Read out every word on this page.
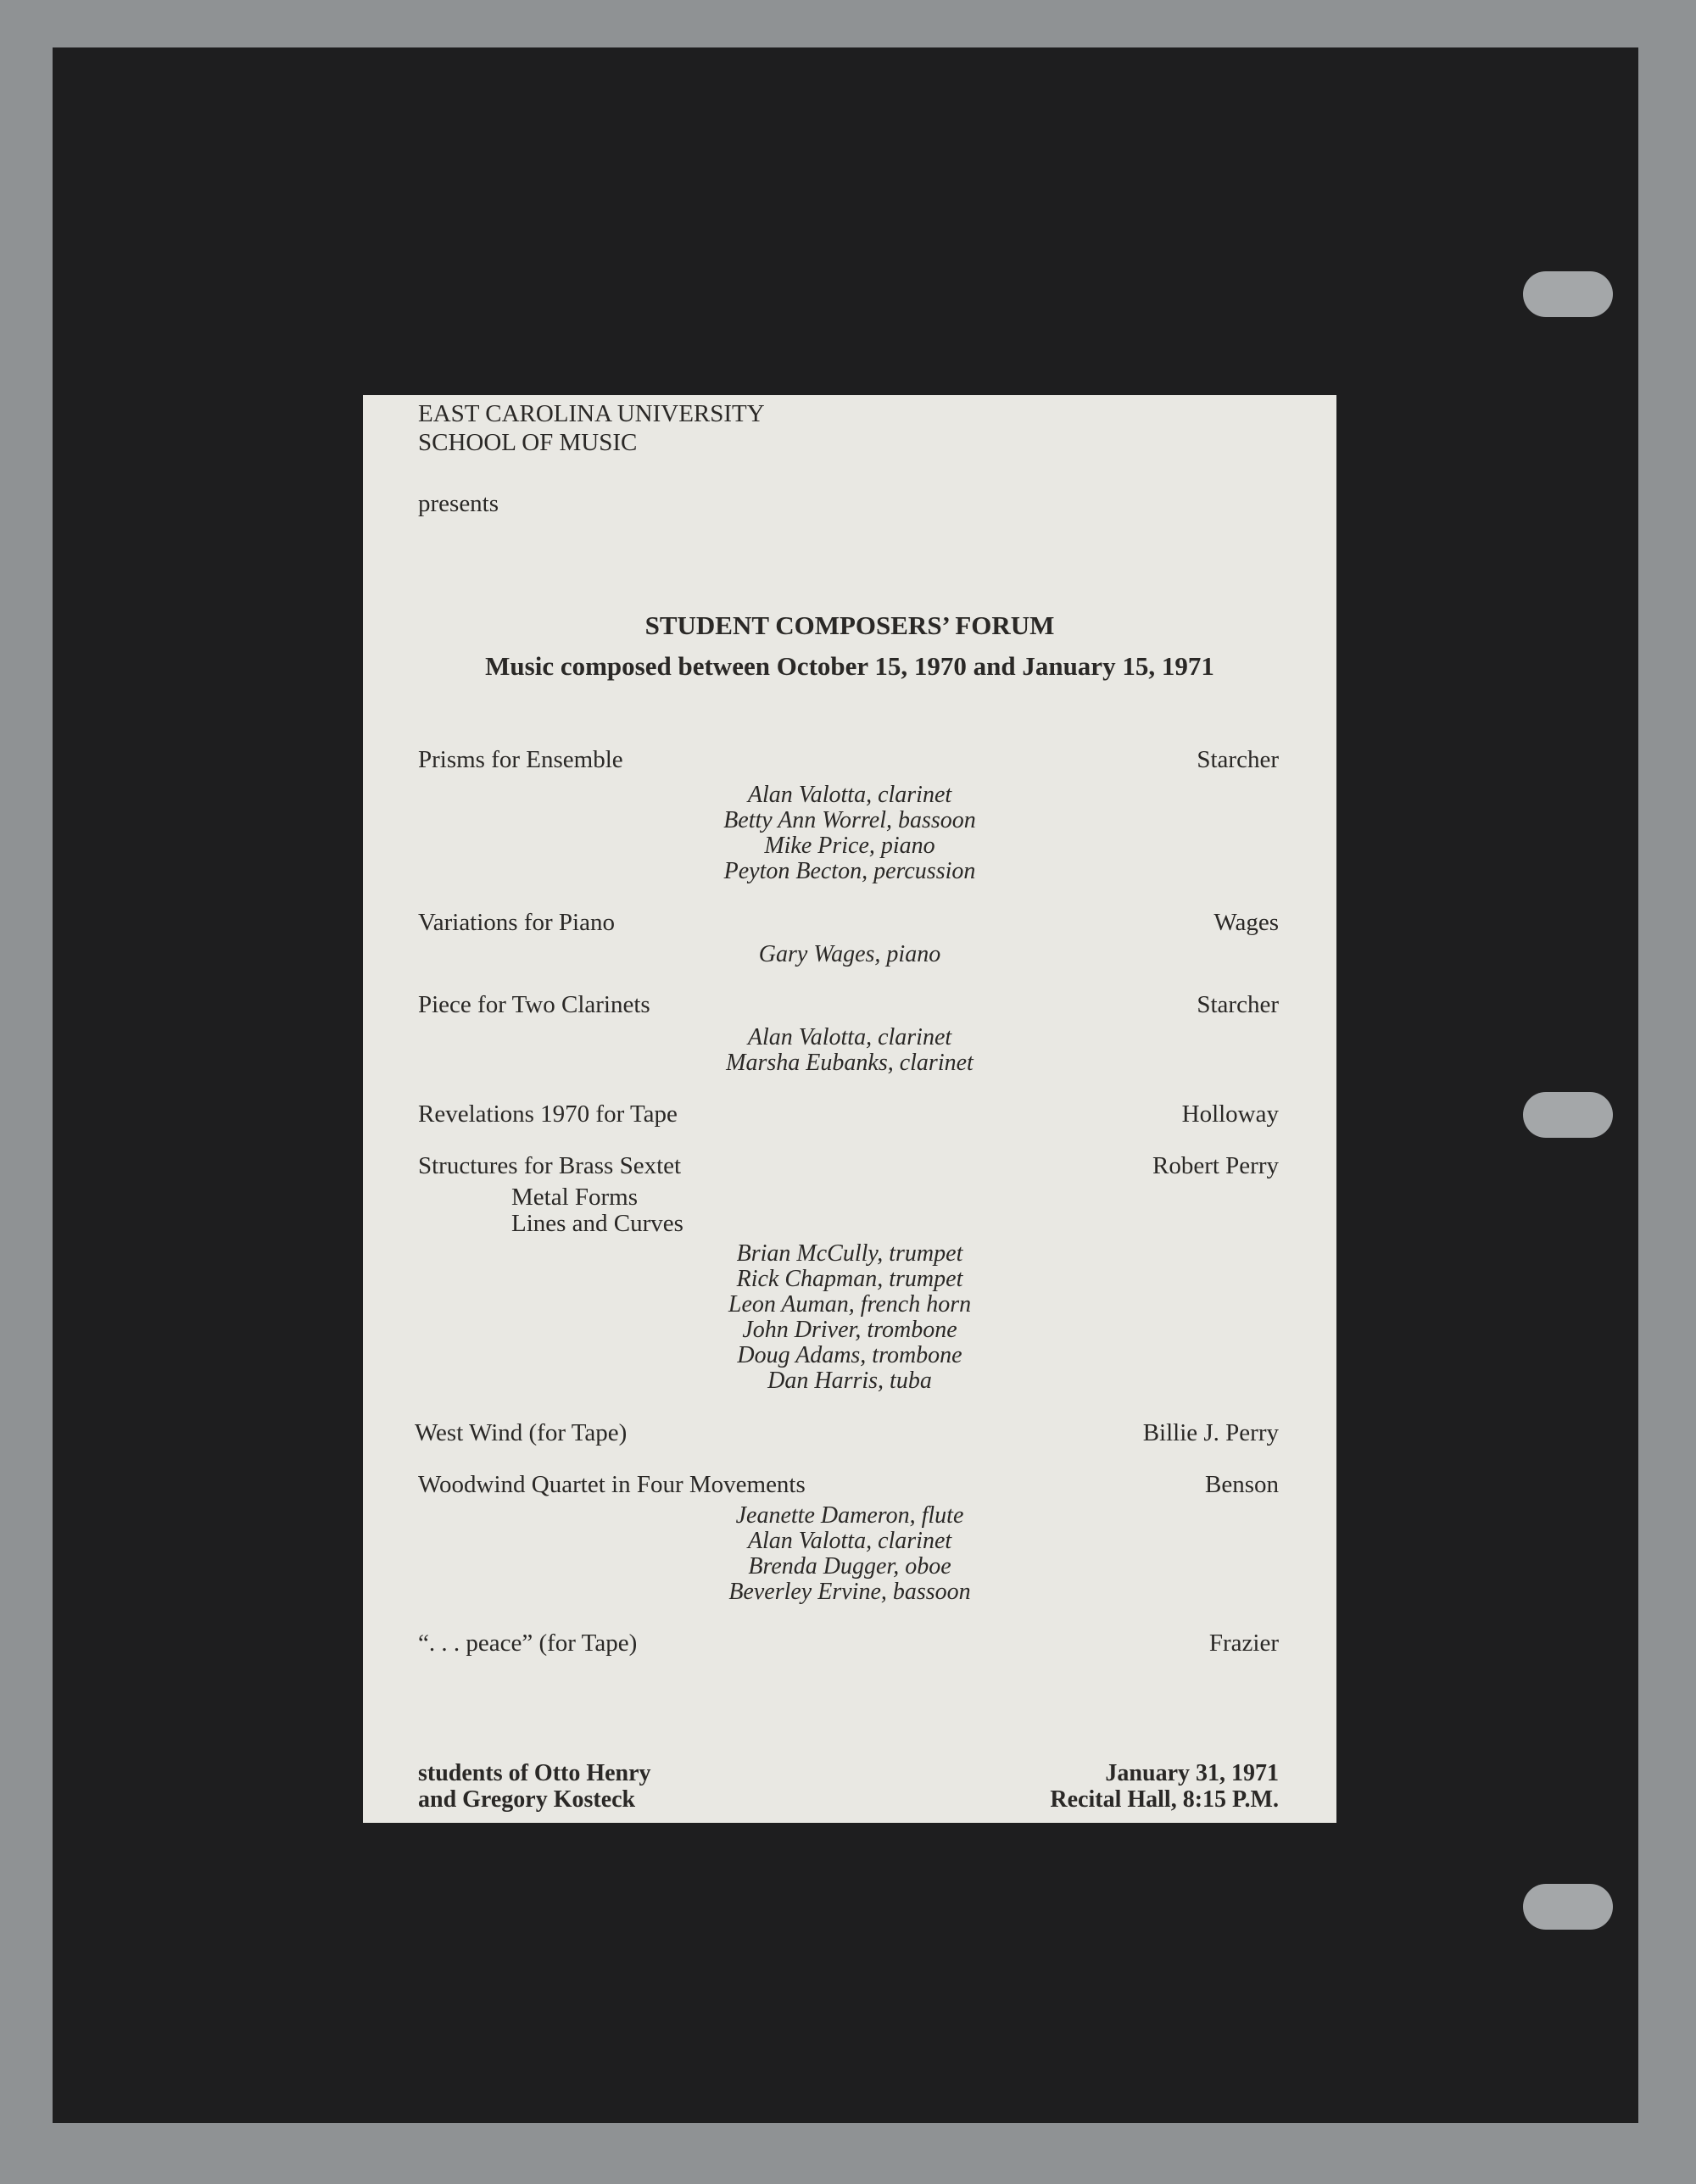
EAST CAROLINA UNIVERSITY
SCHOOL OF MUSIC
presents
STUDENT COMPOSERS’ FORUM
Music composed between October 15, 1970 and January 15, 1971
Prisms for Ensemble	Starcher
Alan Valotta, clarinet
Betty Ann Worrel, bassoon
Mike Price, piano
Peyton Becton, percussion
Variations for Piano	Wages
Gary Wages, piano
Piece for Two Clarinets	Starcher
Alan Valotta, clarinet
Marsha Eubanks, clarinet
Revelations 1970 for Tape	Holloway
Structures for Brass Sextet	Robert Perry
Metal Forms
Lines and Curves
Brian McCully, trumpet
Rick Chapman, trumpet
Leon Auman, french horn
John Driver, trombone
Doug Adams, trombone
Dan Harris, tuba
West Wind (for Tape)	Billie J. Perry
Woodwind Quartet in Four Movements	Benson
Jeanette Dameron, flute
Alan Valotta, clarinet
Brenda Dugger, oboe
Beverley Ervine, bassoon
“. . . peace” (for Tape)	Frazier
students of Otto Henry
and Gregory Kosteck
January 31, 1971
Recital Hall, 8:15 P.M.
